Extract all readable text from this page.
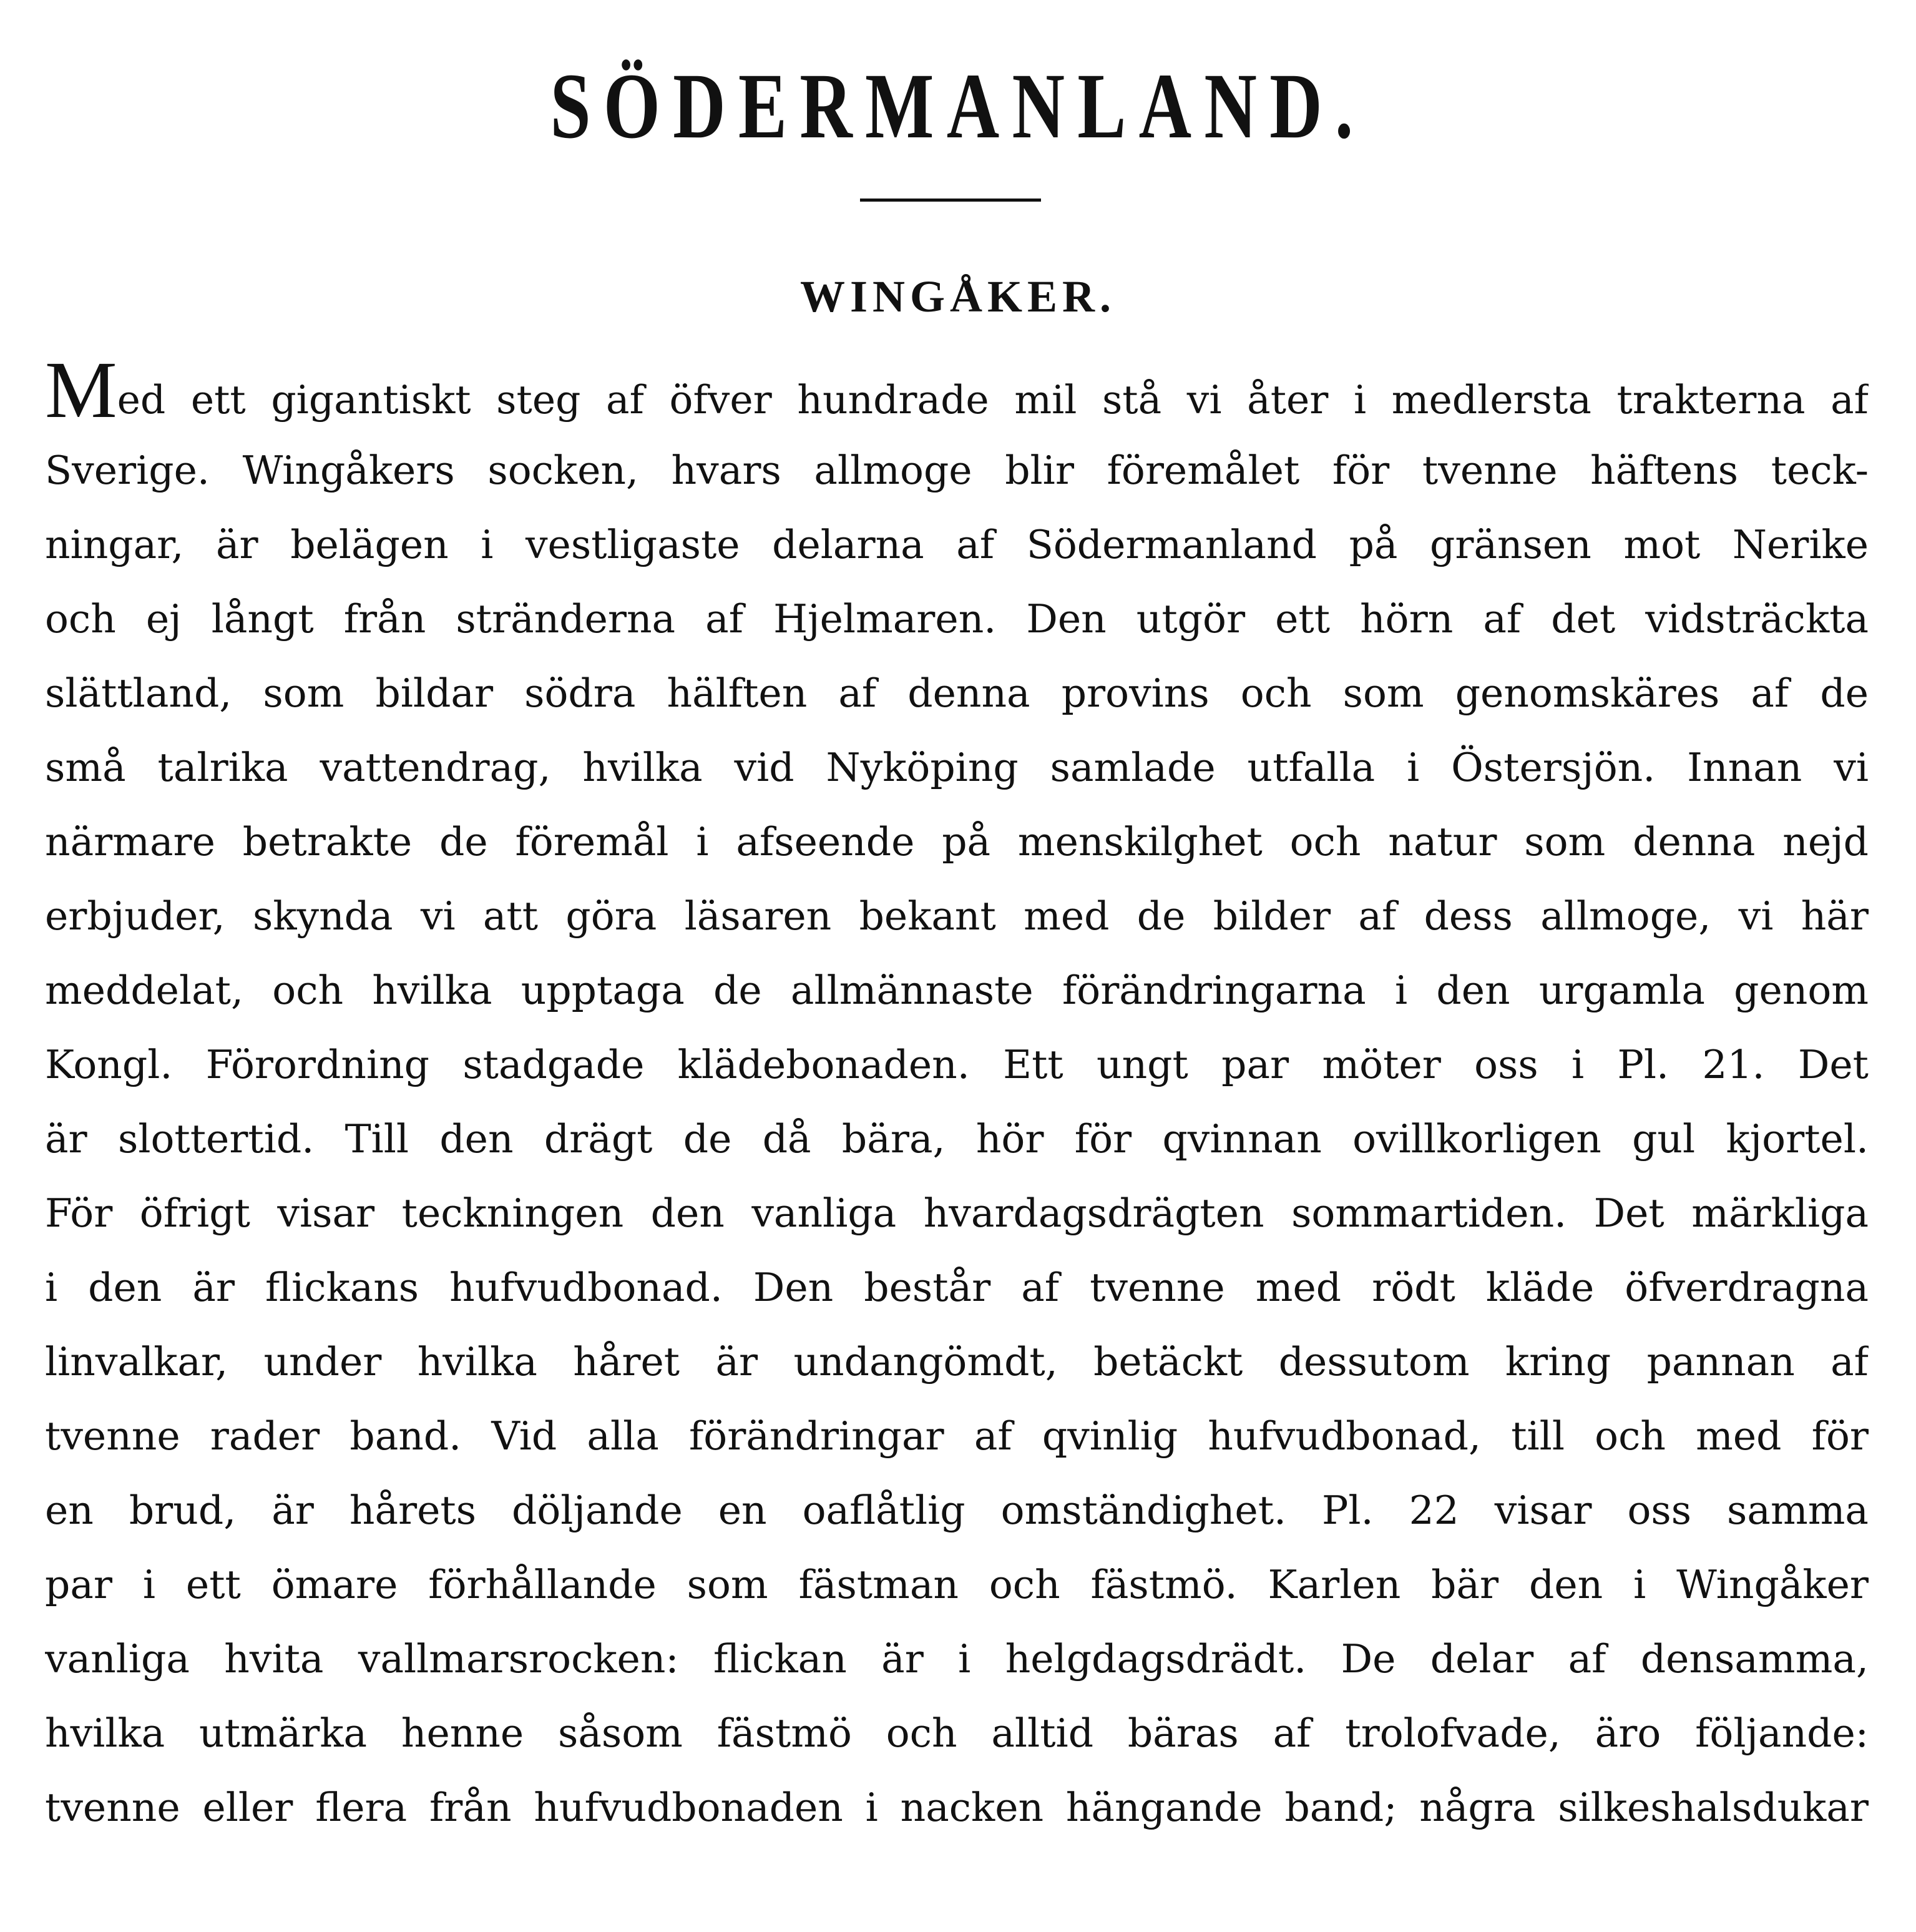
SÖDERMANLAND.
WINGÅKER.
Med ett gigantiskt steg af öfver hundrade mil stå vi åter i medlersta trakterna af
Sverige. Wingåkers socken, hvars allmoge blir föremålet för tvenne häftens teck-
ningar, är belägen i vestligaste delarna af Södermanland på gränsen mot Nerike
och ej långt från stränderna af Hjelmaren. Den utgör ett hörn af det vidsträckta
slättland, som bildar södra hälften af denna provins och som genomskäres af de
små talrika vattendrag, hvilka vid Nyköping samlade utfalla i Östersjön. Innan vi
närmare betrakte de föremål i afseende på menskilghet och natur som denna nejd
erbjuder, skynda vi att göra läsaren bekant med de bilder af dess allmoge, vi här
meddelat, och hvilka upptaga de allmännaste förändringarna i den urgamla genom
Kongl. Förordning stadgade klädebonaden. Ett ungt par möter oss i Pl. 21. Det
är slottertid. Till den drägt de då bära, hör för qvinnan ovillkorligen gul kjortel.
För öfrigt visar teckningen den vanliga hvardagsdrägten sommartiden. Det märkliga
i den är flickans hufvudbonad. Den består af tvenne med rödt kläde öfverdragna
linvalkar, under hvilka håret är undangömdt, betäckt dessutom kring pannan af
tvenne rader band. Vid alla förändringar af qvinlig hufvudbonad, till och med för
en brud, är hårets döljande en oaflåtlig omständighet. Pl. 22 visar oss samma
par i ett ömare förhållande som fästman och fästmö. Karlen bär den i Wingåker
vanliga hvita vallmarsrocken: flickan är i helgdagsdrädt. De delar af densamma,
hvilka utmärka henne såsom fästmö och alltid bäras af trolofvade, äro följande:
tvenne eller flera från hufvudbonaden i nacken hängande band; några silkeshalsdukar
